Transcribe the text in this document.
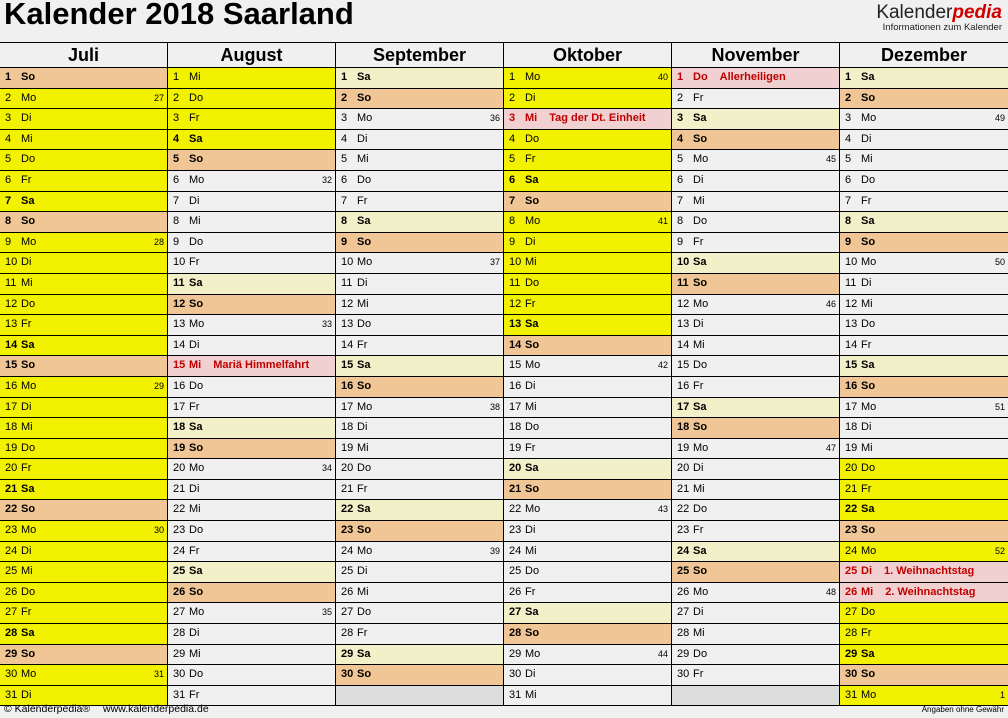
Kalender 2018 Saarland	Kalenderpedia
Informationen zum Kalender
Juli
1 So
2 Mo	27
3 Di
4 Mi
5 Do
6 Fr
7 Sa
8 So
9 Mo	28
10 Di
11 Mi
12 Do
13 Fr
14 Sa
15 So
16 Mo	29
17 Di
18 Mi
19 Do
20 Fr
21 Sa
22 So
23 Mo	30
24 Di
25 Mi
26 Do
27 Fr
28 Sa
29 So
30 Mo	31
31 Di
August
1 Mi
2 Do
3 Fr
4 Sa
5 So
6 Mo	32
7 Di
8 Mi
9 Do
10 Fr
11 Sa
12 So
13 Mo	33
14 Di
15 Mi Mariä Himmelfahrt
16 Do
17 Fr
18 Sa
19 So
20 Mo	34
21 Di
22 Mi
23 Do
24 Fr
25 Sa
26 So
27 Mo	35
28 Di
29 Mi
30 Do
31 Fr
September
1 Sa
2 So
3 Mo	36
4 Di
5 Mi
6 Do
7 Fr
8 Sa
9 So
10 Mo	37
11 Di
12 Mi
13 Do
14 Fr
15 Sa
16 So
17 Mo	38
18 Di
19 Mi
20 Do
21 Fr
22 Sa
23 So
24 Mo	39
25 Di
26 Mi
27 Do
28 Fr
29 Sa
30 So
Oktober
1 Mo	40
2 Di
3 Mi Tag der Dt. Einheit
4 Do
5 Fr
6 Sa
7 So
8 Mo	41
9 Di
10 Mi
11 Do
12 Fr
13 Sa
14 So
15 Mo	42
16 Di
17 Mi
18 Do
19 Fr
20 Sa
21 So
22 Mo	43
23 Di
24 Mi
25 Do
26 Fr
27 Sa
28 So
29 Mo	44
30 Di
31 Mi
November
1 Do Allerheiligen
2 Fr
3 Sa
4 So
5 Mo	45
6 Di
7 Mi
8 Do
9 Fr
10 Sa
11 So
12 Mo	46
13 Di
14 Mi
15 Do
16 Fr
17 Sa
18 So
19 Mo	47
20 Di
21 Mi
22 Do
23 Fr
24 Sa
25 So
26 Mo	48
27 Di
28 Mi
29 Do
30 Fr
Dezember
1 Sa
2 So
3 Mo	49
4 Di
5 Mi
6 Do
7 Fr
8 Sa
9 So
10 Mo	50
11 Di
12 Mi
13 Do
14 Fr
15 Sa
16 So
17 Mo	51
18 Di
19 Mi
20 Do
21 Fr
22 Sa
23 So
24 Mo	52
25 Di 1. Weihnachtstag
26 Mi 2. Weihnachtstag
27 Do
28 Fr
29 Sa
30 So
31 Mo	1
© Kalenderpedia® www.kalenderpedia.de	Angaben ohne Gewähr
